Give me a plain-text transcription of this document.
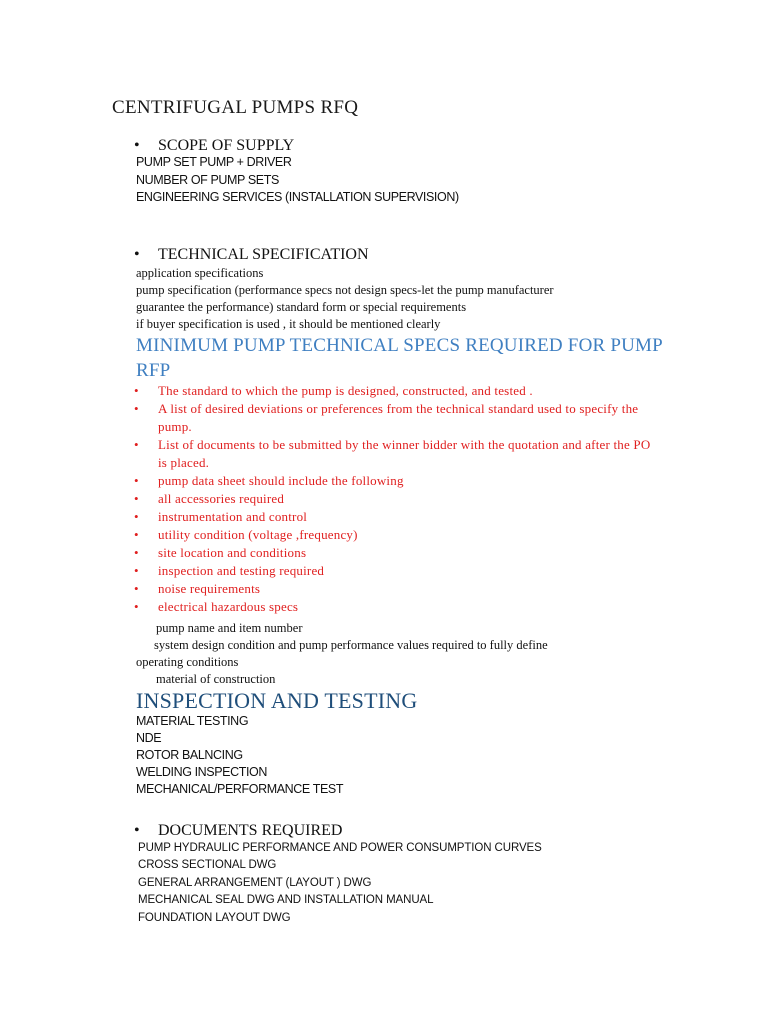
CENTRIFUGAL PUMPS RFQ
• SCOPE OF SUPPLY
PUMP SET PUMP + DRIVER
NUMBER OF PUMP SETS
ENGINEERING SERVICES (INSTALLATION SUPERVISION)
• TECHNICAL SPECIFICATION
application specifications
pump specification (performance specs not design specs-let the pump manufacturer
guarantee the performance) standard form or special requirements
if buyer specification is used , it should be mentioned clearly
MINIMUM PUMP TECHNICAL SPECS REQUIRED FOR PUMP
RFP
• The standard to which the pump is designed, constructed, and tested .
• A list of desired deviations or preferences from the technical standard used to specify the pump.
• List of documents to be submitted by the winner bidder with the quotation and after the PO is placed.
• pump data sheet should include the following
• all accessories required
• instrumentation and control
• utility condition (voltage ,frequency)
• site location and conditions
• inspection and testing required
• noise requirements
• electrical hazardous specs
pump name and item number
system design condition and pump performance values required to fully define
operating conditions
material of construction
INSPECTION AND TESTING
MATERIAL TESTING
NDE
ROTOR BALNCING
WELDING INSPECTION
MECHANICAL/PERFORMANCE TEST
• DOCUMENTS REQUIRED
PUMP HYDRAULIC PERFORMANCE AND POWER CONSUMPTION CURVES
CROSS SECTIONAL DWG
GENERAL ARRANGEMENT (LAYOUT ) DWG
MECHANICAL SEAL DWG AND INSTALLATION MANUAL
FOUNDATION LAYOUT DWG
